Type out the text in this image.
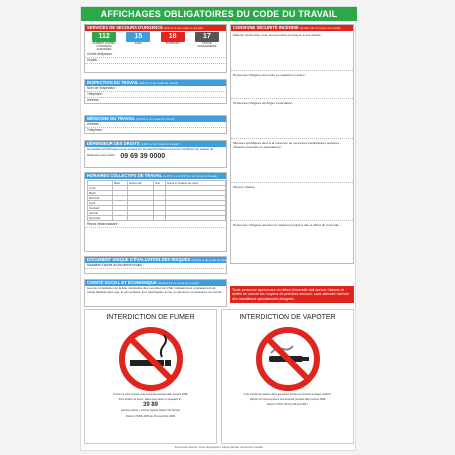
AFFICHAGES OBLIGATOIRES DU CODE DU TRAVAIL
SERVICES DE SECOURS D'URGENCE (D4711-1 du Code du travail)
112
NUMÉRO D'APPEL D'URGENCE EUROPÉEN
15
SAMU
18
POMPIERS
17
POLICE GENDARMERIE
Centre antipoison :
Hôpital :
INSPECTION DU TRAVAIL (D4711-1 du Code du travail)
Nom de l'inspecteur :
Téléphone :
Adresse :
MÉDECINE DU TRAVAIL (D4711-1 du Code du travail)
Adresse :
Téléphone :
DÉFENSEUR DES DROITS (L1151-2 du Code du travail)
Demandes d'information et de conseil sur les discriminations et sur les conditions de saisine du
Défenseur des droits : 09 69 39 0000
HORAIRES COLLECTIFS DE TRAVAIL (L3171-1 et D3171-2 du Code du travail)
	Matin	Après-midi	Nuit	Durée et horaires de repos
Lundi				
Mardi				
Mercredi				
Jeudi				
Vendredi				
Samedi				
Dimanche				
Repos hebdomadaire :
DOCUMENT UNIQUE D'ÉVALUATION DES RISQUES (R4121-4 du Code du travail)
Modalités d'accès au document unique :
COMITÉ SOCIAL ET ÉCONOMIQUE (R2314-22 du Code du travail)
Lieu de consultation de la liste nominative des membres du CSE, indiquant leur emplacement de travail habituel ainsi que, le cas échéant, leur participation à une ou plusieurs commissions du comité :
CONSIGNE SÉCURITÉ INCENDIE (R4227-38 du Code du travail)
Matériel d'extinction et de secours dans le local ou à ses abords :
Personnes chargées de mettre ce matériel en action :
Personnes chargées de diriger l'évacuation :
Mesures spécifiques liées à la présence de personnes handicapées (espaces d'attente sécurisés ou équivalents) :
Moyens d'alerte :
Personnes chargées d'aviser les sapeurs-pompiers dès le début de l'incendie :
Toute personne apercevant un début d'incendie doit donner l'alarme et mettre en oeuvre les moyens de premiers secours, sans attendre l'arrivée des travailleurs spécialement désignés.
INTERDICTION DE FUMER
Fumer ici vous expose à une amende pouvant aller jusqu'à 450€
Pour arrêter de fumer, faites-vous aider en appelant le :
39 89
(service gratuit + coût de l'appel) Tabac Info Service
Décret n°2006-1386 du 15 novembre 2006
INTERDICTION DE VAPOTER
Il est interdit de vapoter dans les locaux fermés et couverts à usage collectif.
Vapoter ici vous expose à une amende pouvant aller jusqu'à 150€
Décret n°2017-633 du 25 avril 2017
Tous droits réservés. Toute reproduction, même partielle, strictement interdite.
